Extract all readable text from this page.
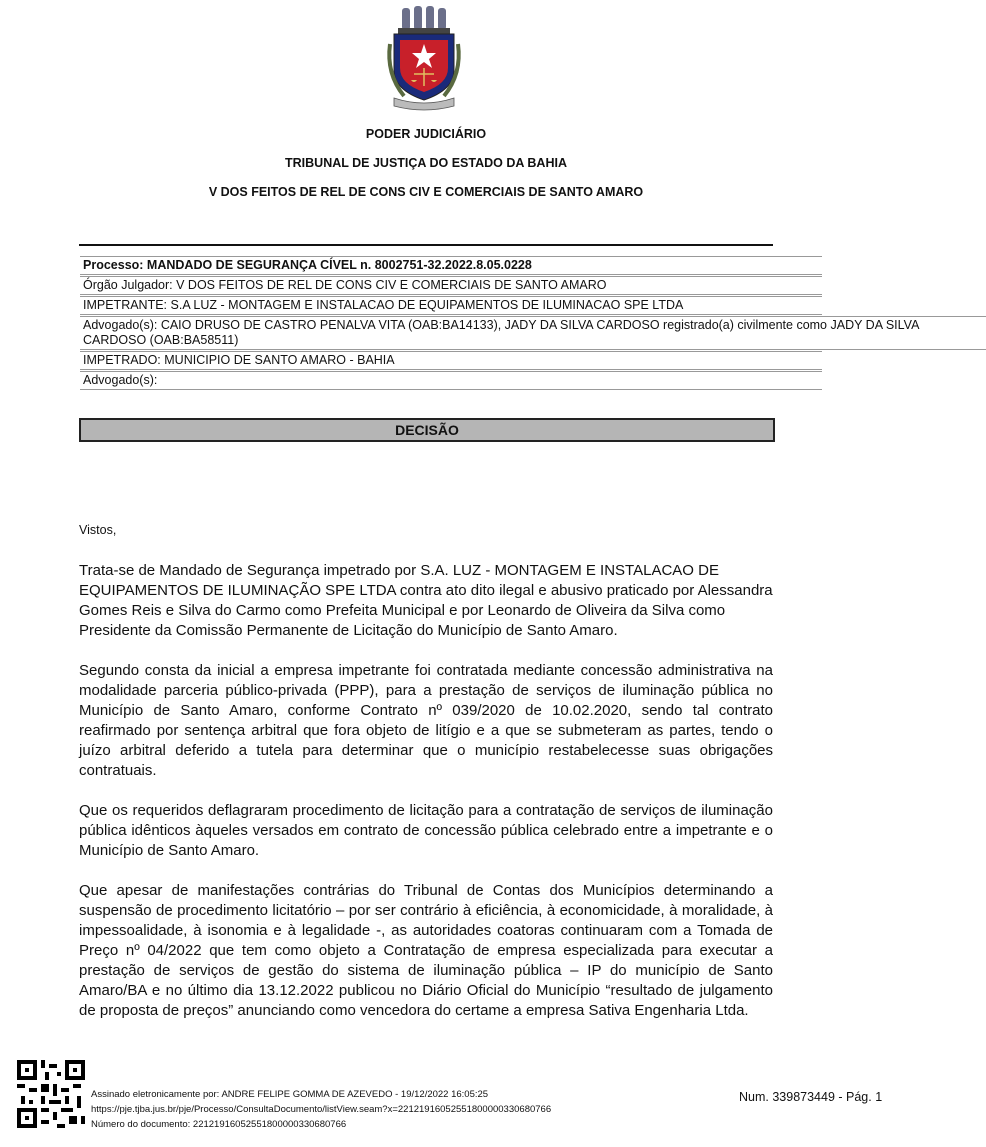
PODER JUDICIÁRIO
TRIBUNAL DE JUSTIÇA DO ESTADO DA BAHIA
V DOS FEITOS DE REL DE CONS CIV E COMERCIAIS DE SANTO AMARO
Processo: MANDADO DE SEGURANÇA CÍVEL n. 8002751-32.2022.8.05.0228
Órgão Julgador: V DOS FEITOS DE REL DE CONS CIV E COMERCIAIS DE SANTO AMARO
IMPETRANTE: S.A LUZ - MONTAGEM E INSTALACAO DE EQUIPAMENTOS DE ILUMINACAO SPE LTDA
Advogado(s): CAIO DRUSO DE CASTRO PENALVA VITA (OAB:BA14133), JADY DA SILVA CARDOSO registrado(a) civilmente como JADY DA SILVA CARDOSO (OAB:BA58511)
IMPETRADO: MUNICIPIO DE SANTO AMARO - BAHIA
Advogado(s):
DECISÃO
Vistos,

Trata-se de Mandado de Segurança impetrado por S.A. LUZ - MONTAGEM E INSTALACAO DE EQUIPAMENTOS DE ILUMINAÇÃO SPE LTDA contra ato dito ilegal e abusivo praticado por Alessandra Gomes Reis e Silva do Carmo como Prefeita Municipal e por Leonardo de Oliveira da Silva como Presidente da Comissão Permanente de Licitação do Município de Santo Amaro.

Segundo consta da inicial a empresa impetrante foi contratada mediante concessão administrativa na modalidade parceria público-privada (PPP), para a prestação de serviços de iluminação pública no Município de Santo Amaro, conforme Contrato nº 039/2020 de 10.02.2020, sendo tal contrato reafirmado por sentença arbitral que fora objeto de litígio e a que se submeteram as partes, tendo o juízo arbitral deferido a tutela para determinar que o município restabelecesse suas obrigações contratuais.

Que os requeridos deflagraram procedimento de licitação para a contratação de serviços de iluminação pública idênticos àqueles versados em contrato de concessão pública celebrado entre a impetrante e o Município de Santo Amaro.

Que apesar de manifestações contrárias do Tribunal de Contas dos Municípios determinando a suspensão de procedimento licitatório – por ser contrário à eficiência, à economicidade, à moralidade, à impessoalidade, à isonomia e à legalidade -, as autoridades coatoras continuaram com a Tomada de Preço nº 04/2022 que tem como objeto a Contratação de empresa especializada para executar a prestação de serviços de gestão do sistema de iluminação pública – IP do município de Santo Amaro/BA e no último dia 13.12.2022 publicou no Diário Oficial do Município “resultado de julgamento de proposta de preços” anunciando como vencedora do certame a empresa Sativa Engenharia Ltda.

Assinado eletronicamente por: ANDRE FELIPE GOMMA DE AZEVEDO - 19/12/2022 16:05:25
https://pje.tjba.jus.br/pje/Processo/ConsultaDocumento/listView.seam?x=22121916052551800000330680766
Número do documento: 22121916052551800000330680766
Num. 339873449 - Pág. 1
